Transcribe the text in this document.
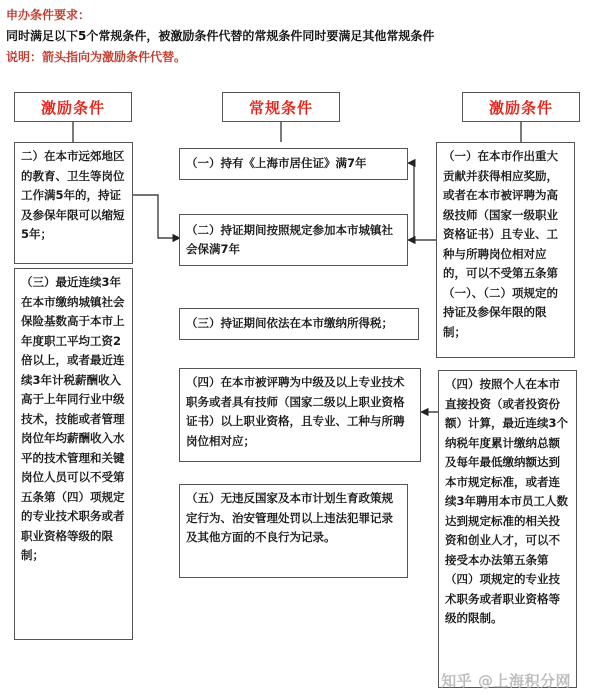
申办条件要求：
同时满足以下5个常规条件，被激励条件代替的常规条件同时要满足其他常规条件
说明：箭头指向为激励条件代替。
激励条件	常规条件	激励条件
二）在本市远郊地区的教育、卫生等岗位工作满5年的，持证及参保年限可以缩短5年；
（三）最近连续3年在本市缴纳城镇社会保险基数高于本市上年度职工平均工资2倍以上，或者最近连续3年计税薪酬收入高于上年同行业中级技术，技能或者管理岗位年均薪酬收入水平的技术管理和关键岗位人员可以不受第五条第（四）项规定的专业技术职务或者职业资格等级的限制；
（一）持有《上海市居住证》满7年
（二）持证期间按照规定参加本市城镇社会保满7年
（三）持证期间依法在本市缴纳所得税；
（四）在本市被评聘为中级及以上专业技术职务或者具有技师（国家二级以上职业资格证书）以上职业资格，且专业、工种与所聘岗位相对应；
（五）无违反国家及本市计划生育政策规定行为、治安管理处罚以上违法犯罪记录及其他方面的不良行为记录。
（一）在本市作出重大贡献并获得相应奖励，或者在本市被评聘为高级技师（国家一级职业资格证书）且专业、工种与所聘岗位相对应的，可以不受第五条第（一）、（二）项规定的持证及参保年限的限制；
（四）按照个人在本市直接投资（或者投资份额）计算，最近连续3个纳税年度累计缴纳总额及每年最低缴纳额达到本市规定标准，或者连续3年聘用本市员工人数达到规定标准的相关投资和创业人才，可以不接受本办法第五条第（四）项规定的专业技术职务或者职业资格等级的限制。
知乎 @上海积分网
